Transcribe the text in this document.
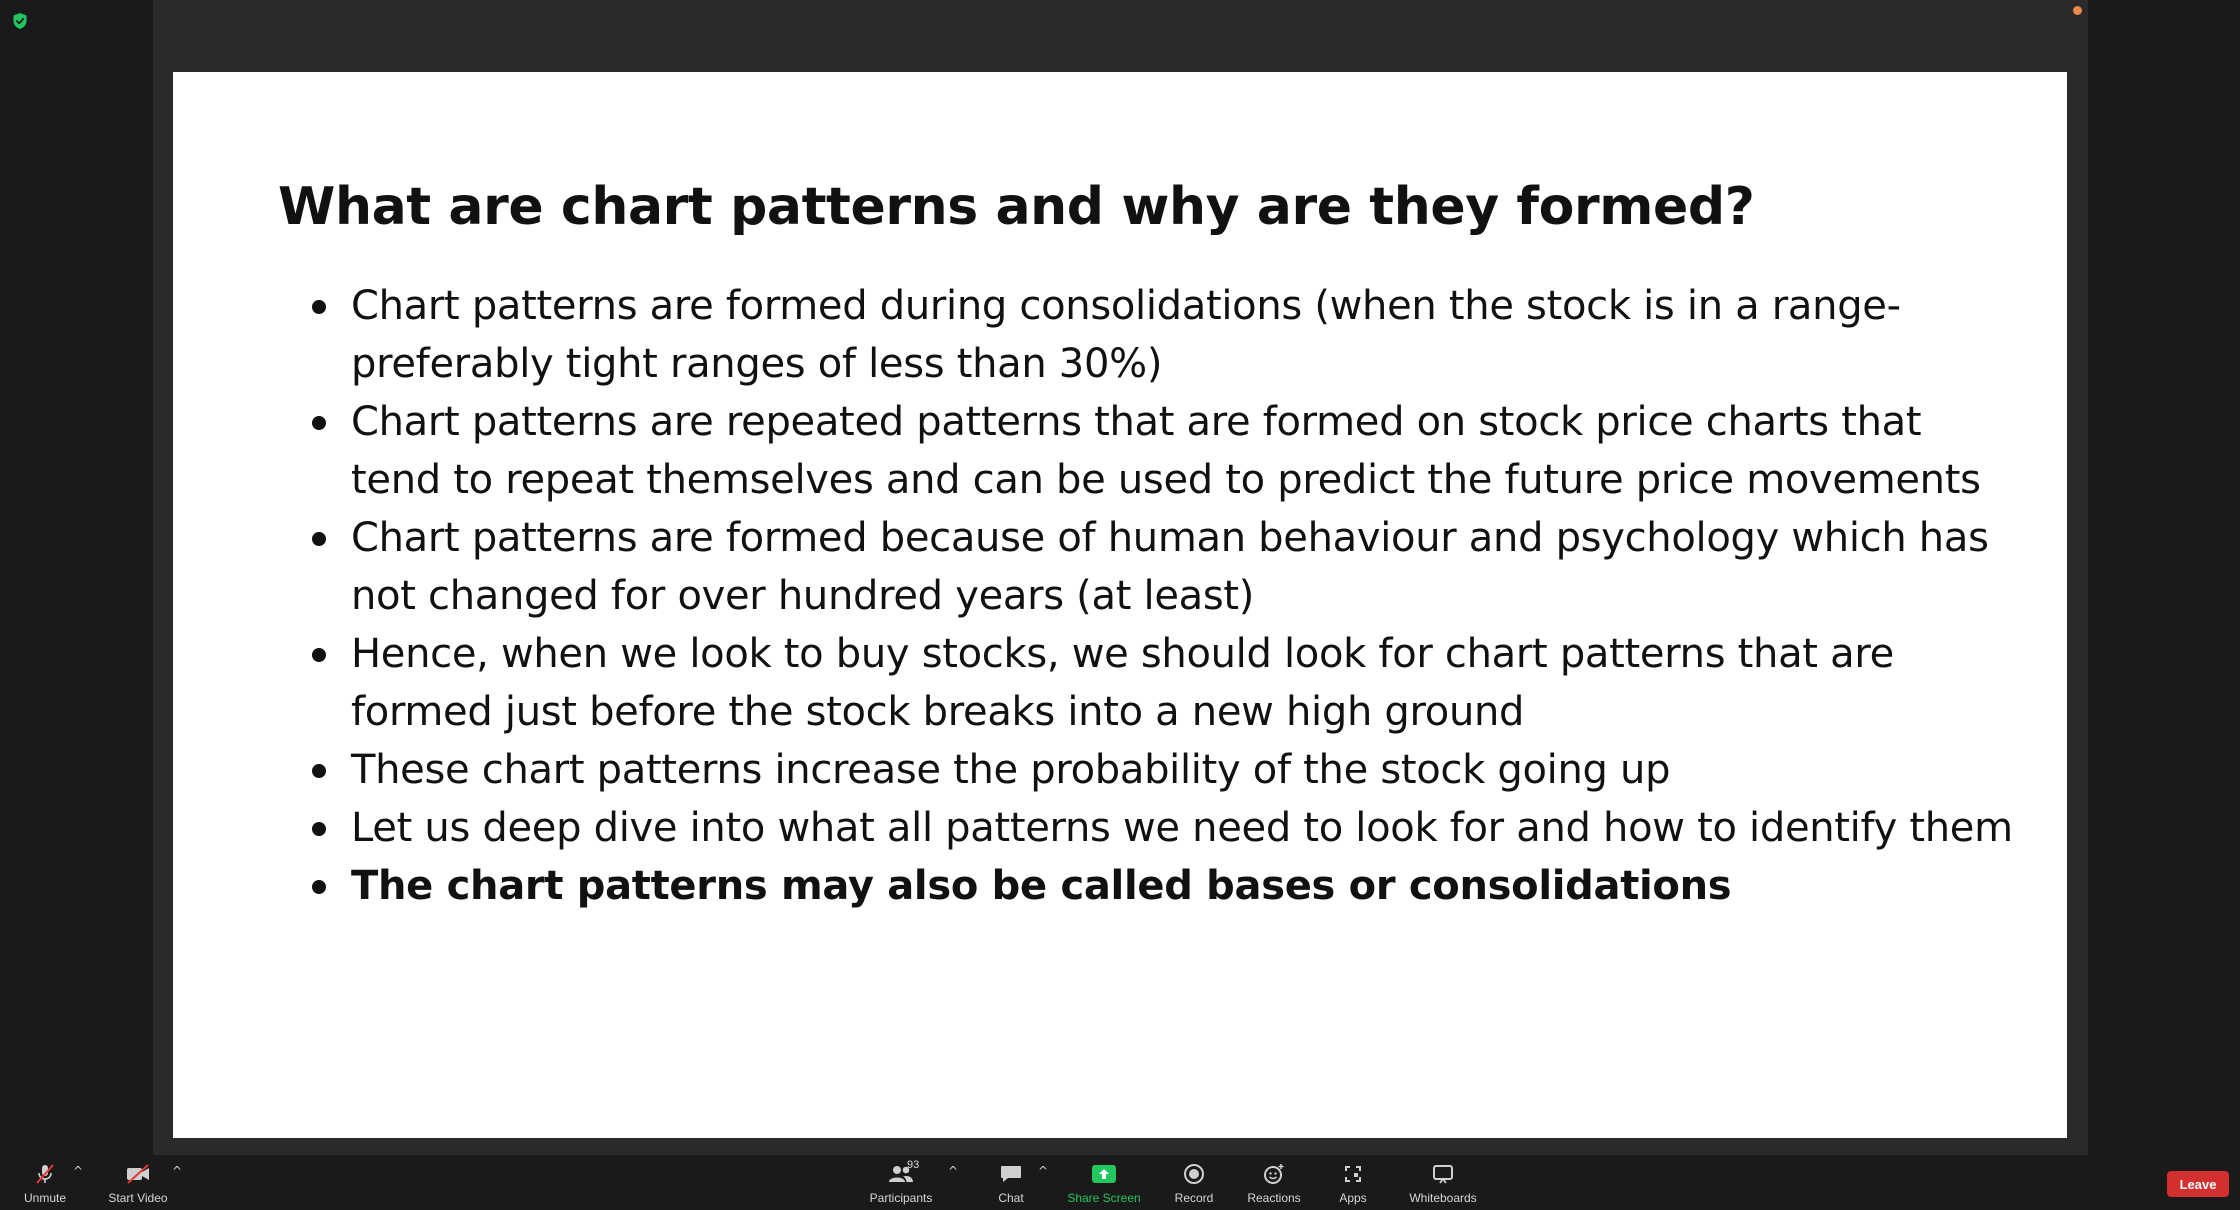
What are chart patterns and why are they formed?
Chart patterns are formed during consolidations (when the stock is in a range-preferably tight ranges of less than 30%)
Chart patterns are repeated patterns that are formed on stock price charts that tend to repeat themselves and can be used to predict the future price movements
Chart patterns are formed because of human behaviour and psychology which has not changed for over hundred years (at least)
Hence, when we look to buy stocks, we should look for chart patterns that are formed just before the stock breaks into a new high ground
These chart patterns increase the probability of the stock going up
Let us deep dive into what all patterns we need to look for and how to identify them
The chart patterns may also be called bases or consolidations
Unmute
^
Start Video
^	93
Participants
^
Chat
^
Share Screen	Record	Reactions	Apps	Whiteboards
Leave
